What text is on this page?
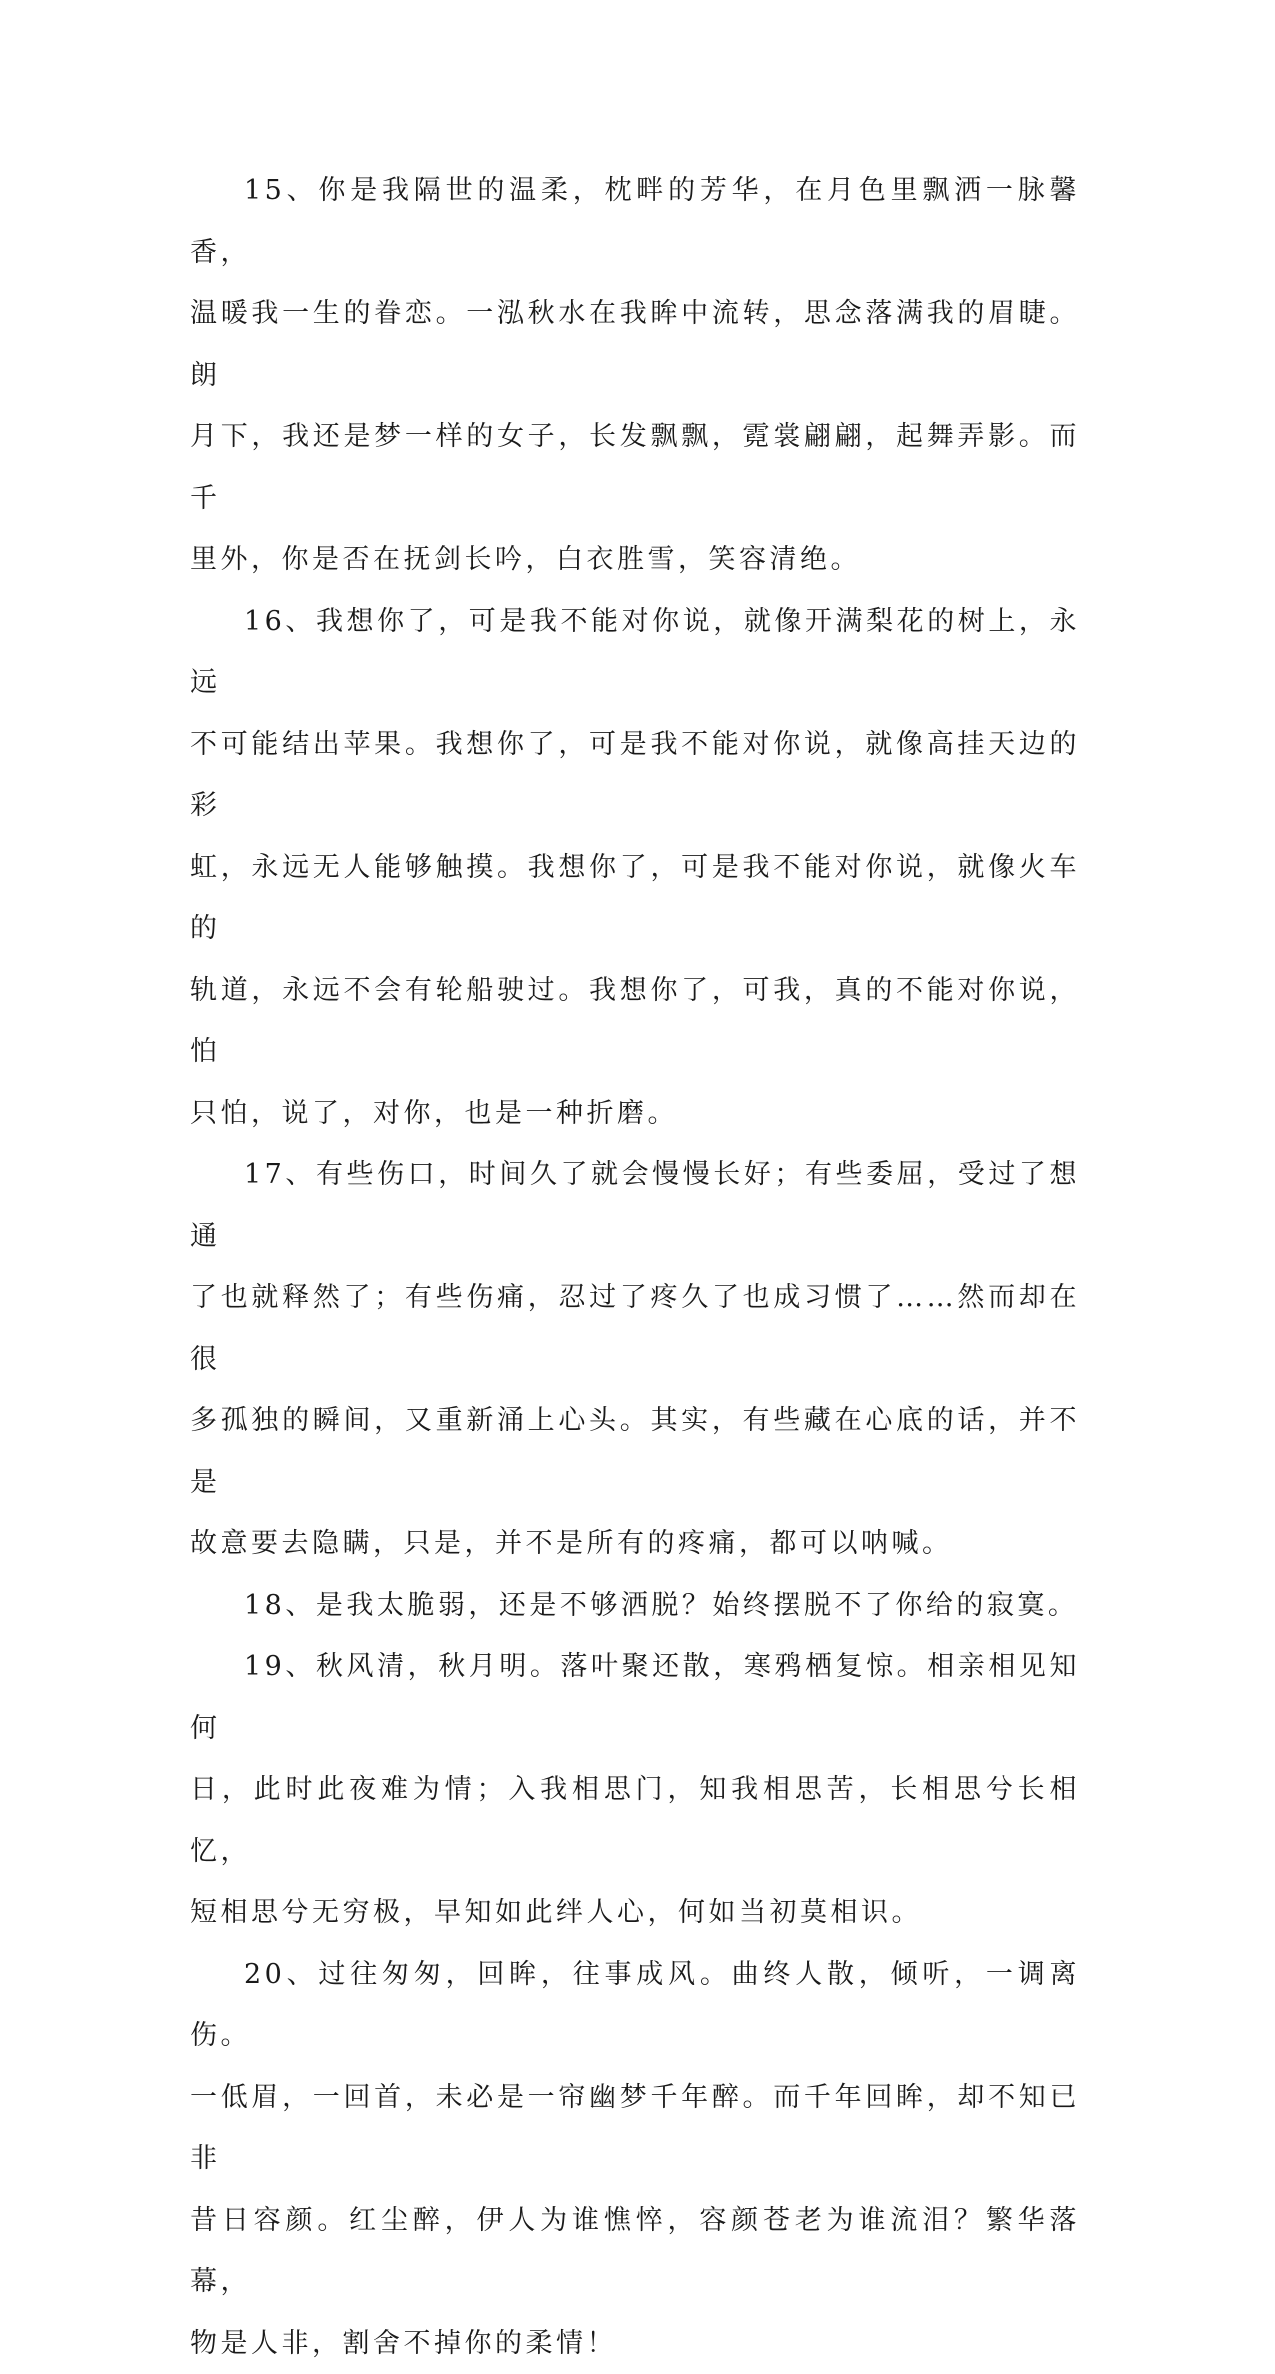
15、你是我隔世的温柔，枕畔的芳华，在月色里飘洒一脉馨香，
温暖我一生的眷恋。一泓秋水在我眸中流转，思念落满我的眉睫。朗
月下，我还是梦一样的女子，长发飘飘，霓裳翩翩，起舞弄影。而千
里外，你是否在抚剑长吟，白衣胜雪，笑容清绝。

16、我想你了，可是我不能对你说，就像开满梨花的树上，永远
不可能结出苹果。我想你了，可是我不能对你说，就像高挂天边的彩
虹，永远无人能够触摸。我想你了，可是我不能对你说，就像火车的
轨道，永远不会有轮船驶过。我想你了，可我，真的不能对你说，怕
只怕，说了，对你，也是一种折磨。

17、有些伤口，时间久了就会慢慢长好；有些委屈，受过了想通
了也就释然了；有些伤痛，忍过了疼久了也成习惯了……然而却在很
多孤独的瞬间，又重新涌上心头。其实，有些藏在心底的话，并不是
故意要去隐瞒，只是，并不是所有的疼痛，都可以呐喊。

18、是我太脆弱，还是不够洒脱？始终摆脱不了你给的寂寞。

19、秋风清，秋月明。落叶聚还散，寒鸦栖复惊。相亲相见知何
日，此时此夜难为情；入我相思门，知我相思苦，长相思兮长相忆，
短相思兮无穷极，早知如此绊人心，何如当初莫相识。

20、过往匆匆，回眸，往事成风。曲终人散，倾听，一调离伤。
一低眉，一回首，未必是一帘幽梦千年醉。而千年回眸，却不知已非
昔日容颜。红尘醉，伊人为谁憔悴，容颜苍老为谁流泪？繁华落幕，
物是人非，割舍不掉你的柔情！
